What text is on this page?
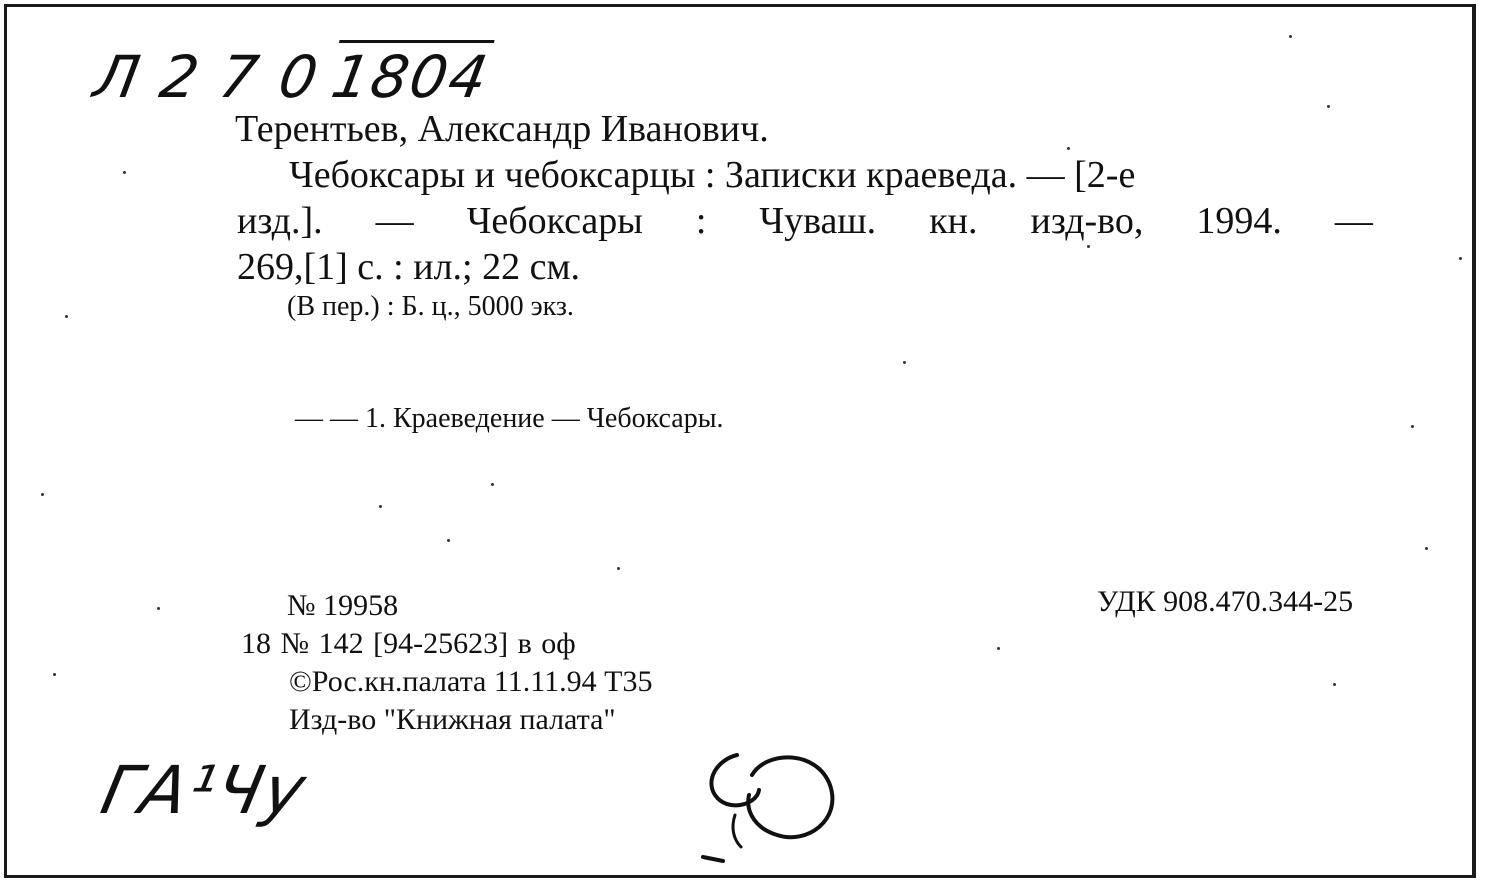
Л 2 7 01804
Терентьев, Александр Иванович.
Чебоксары и чебоксарцы : Записки краеведа. — [2-е
изд.]. — Чебоксары : Чуваш. кн. изд-во, 1994. —
269,[1] с. : ил.; 22 см.
(В пер.) : Б. ц., 5000 экз.
— — 1. Краеведение — Чебоксары.
№ 19958
18 № 142 [94-25623] в оф
©Рос.кн.палата 11.11.94 Т35
Изд-во "Книжная палата"
УДК 908.470.344-25
ГА¹Чу
